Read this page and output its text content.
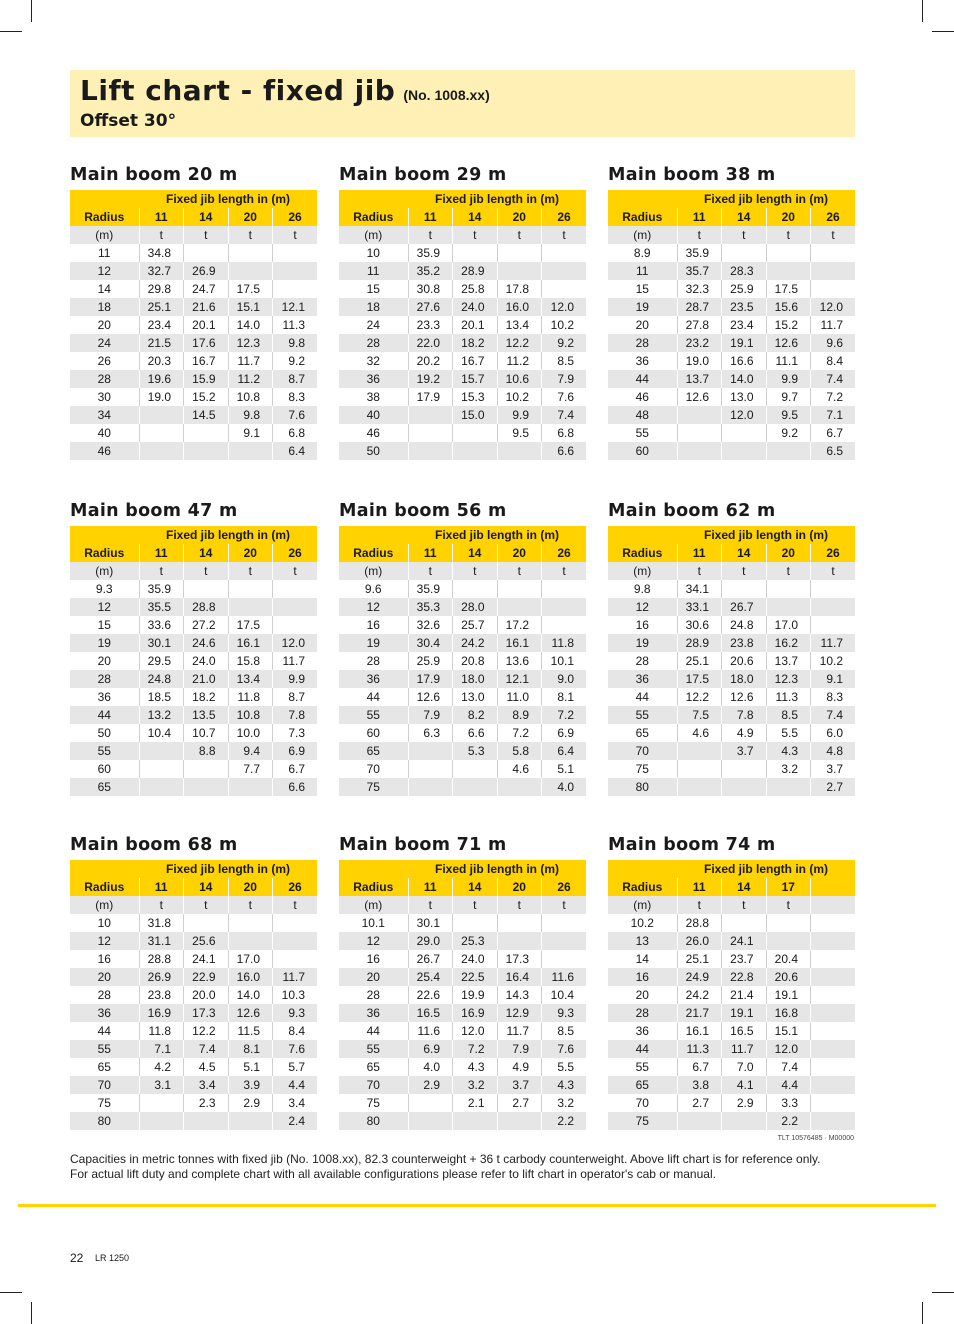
Lift chart - fixed jib (No. 1008.xx)
Offset 30°
Main boom 20 m
	Fixed jib length in (m)			
Radius	11	14	20	26
(m)	t	t	t	t
11	34.8			
12	32.7	26.9		
14	29.8	24.7	17.5	
18	25.1	21.6	15.1	12.1
20	23.4	20.1	14.0	11.3
24	21.5	17.6	12.3	9.8
26	20.3	16.7	11.7	9.2
28	19.6	15.9	11.2	8.7
30	19.0	15.2	10.8	8.3
34		14.5	9.8	7.6
40			9.1	6.8
46				6.4
Main boom 29 m
	Fixed jib length in (m)			
Radius	11	14	20	26
(m)	t	t	t	t
10	35.9			
11	35.2	28.9		
15	30.8	25.8	17.8	
18	27.6	24.0	16.0	12.0
24	23.3	20.1	13.4	10.2
28	22.0	18.2	12.2	9.2
32	20.2	16.7	11.2	8.5
36	19.2	15.7	10.6	7.9
38	17.9	15.3	10.2	7.6
40		15.0	9.9	7.4
46			9.5	6.8
50				6.6
Main boom 38 m
	Fixed jib length in (m)			
Radius	11	14	20	26
(m)	t	t	t	t
8.9	35.9			
11	35.7	28.3		
15	32.3	25.9	17.5	
19	28.7	23.5	15.6	12.0
20	27.8	23.4	15.2	11.7
28	23.2	19.1	12.6	9.6
36	19.0	16.6	11.1	8.4
44	13.7	14.0	9.9	7.4
46	12.6	13.0	9.7	7.2
48		12.0	9.5	7.1
55			9.2	6.7
60				6.5
Main boom 47 m
	Fixed jib length in (m)			
Radius	11	14	20	26
(m)	t	t	t	t
9.3	35.9			
12	35.5	28.8		
15	33.6	27.2	17.5	
19	30.1	24.6	16.1	12.0
20	29.5	24.0	15.8	11.7
28	24.8	21.0	13.4	9.9
36	18.5	18.2	11.8	8.7
44	13.2	13.5	10.8	7.8
50	10.4	10.7	10.0	7.3
55		8.8	9.4	6.9
60			7.7	6.7
65				6.6
Main boom 56 m
	Fixed jib length in (m)			
Radius	11	14	20	26
(m)	t	t	t	t
9.6	35.9			
12	35.3	28.0		
16	32.6	25.7	17.2	
19	30.4	24.2	16.1	11.8
28	25.9	20.8	13.6	10.1
36	17.9	18.0	12.1	9.0
44	12.6	13.0	11.0	8.1
55	7.9	8.2	8.9	7.2
60	6.3	6.6	7.2	6.9
65		5.3	5.8	6.4
70			4.6	5.1
75				4.0
Main boom 62 m
	Fixed jib length in (m)			
Radius	11	14	20	26
(m)	t	t	t	t
9.8	34.1			
12	33.1	26.7		
16	30.6	24.8	17.0	
19	28.9	23.8	16.2	11.7
28	25.1	20.6	13.7	10.2
36	17.5	18.0	12.3	9.1
44	12.2	12.6	11.3	8.3
55	7.5	7.8	8.5	7.4
65	4.6	4.9	5.5	6.0
70		3.7	4.3	4.8
75			3.2	3.7
80				2.7
Main boom 68 m
	Fixed jib length in (m)			
Radius	11	14	20	26
(m)	t	t	t	t
10	31.8			
12	31.1	25.6		
16	28.8	24.1	17.0	
20	26.9	22.9	16.0	11.7
28	23.8	20.0	14.0	10.3
36	16.9	17.3	12.6	9.3
44	11.8	12.2	11.5	8.4
55	7.1	7.4	8.1	7.6
65	4.2	4.5	5.1	5.7
70	3.1	3.4	3.9	4.4
75		2.3	2.9	3.4
80				2.4
Main boom 71 m
	Fixed jib length in (m)			
Radius	11	14	20	26
(m)	t	t	t	t
10.1	30.1			
12	29.0	25.3		
16	26.7	24.0	17.3	
20	25.4	22.5	16.4	11.6
28	22.6	19.9	14.3	10.4
36	16.5	16.9	12.9	9.3
44	11.6	12.0	11.7	8.5
55	6.9	7.2	7.9	7.6
65	4.0	4.3	4.9	5.5
70	2.9	3.2	3.7	4.3
75		2.1	2.7	3.2
80				2.2
Main boom 74 m
	Fixed jib length in (m)			
Radius	11	14	17	
(m)	t	t	t	
10.2	28.8			
13	26.0	24.1		
14	25.1	23.7	20.4	
16	24.9	22.8	20.6	
20	24.2	21.4	19.1	
28	21.7	19.1	16.8	
36	16.1	16.5	15.1	
44	11.3	11.7	12.0	
55	6.7	7.0	7.4	
65	3.8	4.1	4.4	
70	2.7	2.9	3.3	
75			2.2	
TLT 10576485 · M00000
Capacities in metric tonnes with fixed jib (No. 1008.xx), 82.3 counterweight + 36 t carbody counterweight. Above lift chart is for reference only.
For actual lift duty and complete chart with all available configurations please refer to lift chart in operator's cab or manual.
22 LR 1250
